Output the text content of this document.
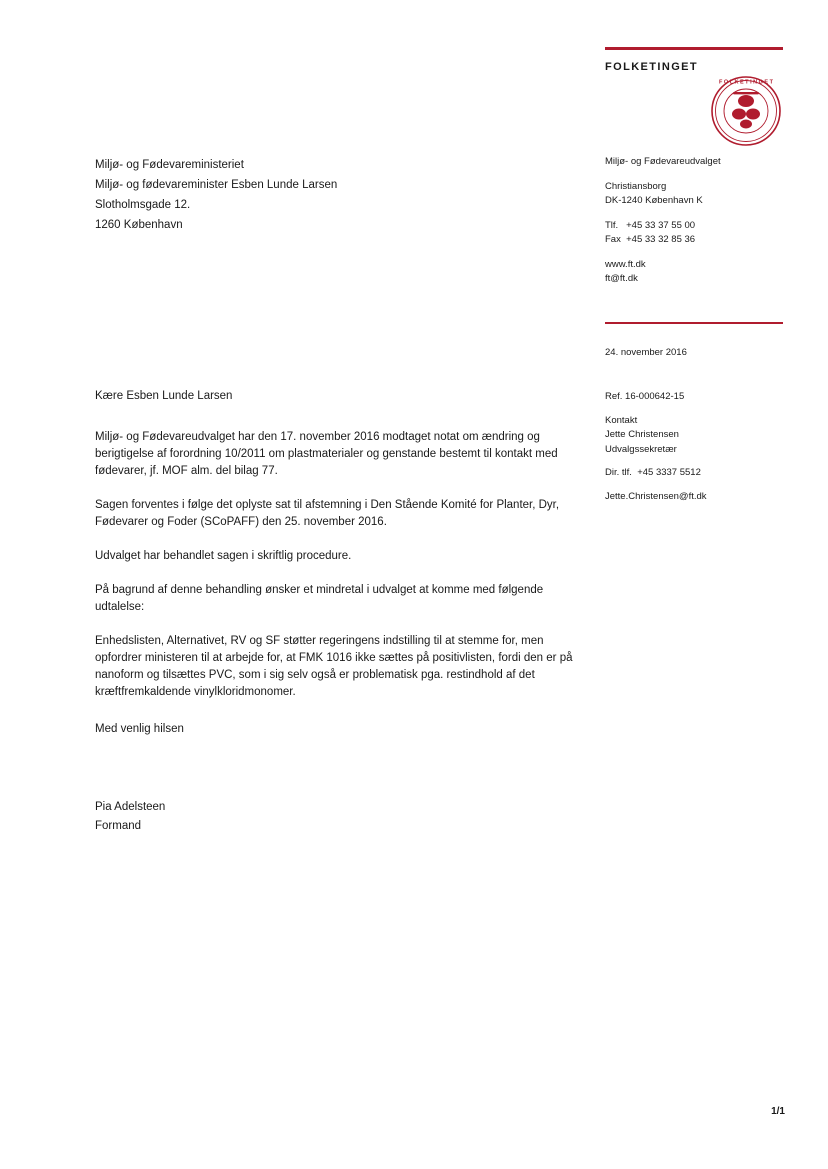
FOLKETINGET
F O L K E T I N G E T
Miljø- og Fødevareudvalget
Christiansborg
DK-1240 København K
Tlf. +45 33 37 55 00
Fax +45 33 32 85 36
www.ft.dk
ft@ft.dk
24. november 2016
Ref. 16-000642-15
Kontakt
Jette Christensen
Udvalgssekretær
Dir. tlf. +45 3337 5512
Jette.Christensen@ft.dk
Miljø- og Fødevareministeriet
Miljø- og fødevareminister Esben Lunde Larsen
Slotholmsgade 12.
1260 København

Kære Esben Lunde Larsen

Miljø- og Fødevareudvalget har den 17. november 2016 modtaget notat om ændring og berigtigelse af forordning 10/2011 om plastmaterialer og genstande bestemt til kontakt med fødevarer, jf. MOF alm. del bilag 77.

Sagen forventes i følge det oplyste sat til afstemning i Den Stående Komité for Planter, Dyr, Fødevarer og Foder (SCoPAFF) den 25. november 2016.

Udvalget har behandlet sagen i skriftlig procedure.

På bagrund af denne behandling ønsker et mindretal i udvalget at komme med følgende udtalelse:

Enhedslisten, Alternativet, RV og SF støtter regeringens indstilling til at stemme for, men opfordrer ministeren til at arbejde for, at FMK 1016 ikke sættes på positivlisten, fordi den er på nanoform og tilsættes PVC, som i sig selv også er problematisk pga. restindhold af det kræftfremkaldende vinylkloridmonomer.

Med venlig hilsen
Pia Adelsteen
Formand
1/1
